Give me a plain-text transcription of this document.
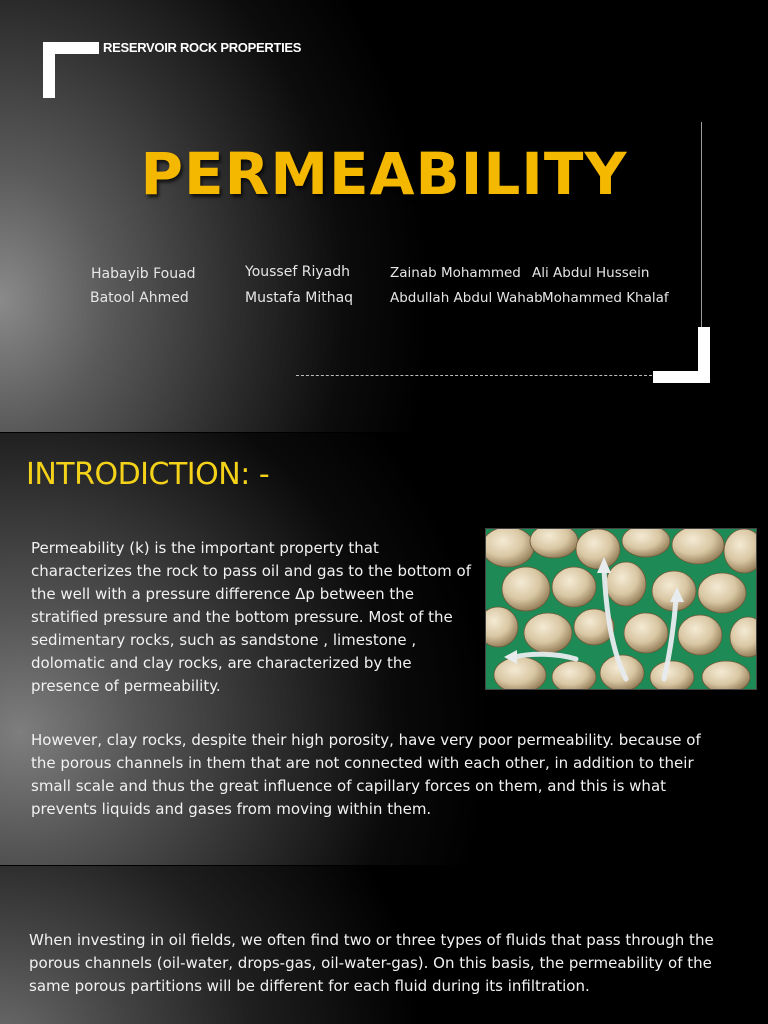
RESERVOIR ROCK PROPERTIES
PERMEABILITY
Habayib Fouad
Batool Ahmed
Youssef Riyadh
Mustafa Mithaq
Zainab Mohammed
Abdullah Abdul Wahab
Ali Abdul Hussein
Mohammed Khalaf
INTRODICTION: -

Permeability (k) is the important property that characterizes the rock to pass oil and gas to the bottom of the well with a pressure difference Δp between the stratified pressure and the bottom pressure. Most of the sedimentary rocks, such as sandstone , limestone , dolomatic and clay rocks, are characterized by the presence of permeability.

However, clay rocks, despite their high porosity, have very poor permeability. because of the porous channels in them that are not connected with each other, in addition to their small scale and thus the great influence of capillary forces on them, and this is what prevents liquids and gases from moving within them.

When investing in oil fields, we often find two or three types of fluids that pass through the porous channels (oil-water, drops-gas, oil-water-gas). On this basis, the permeability of the same porous partitions will be different for each fluid during its infiltration.
